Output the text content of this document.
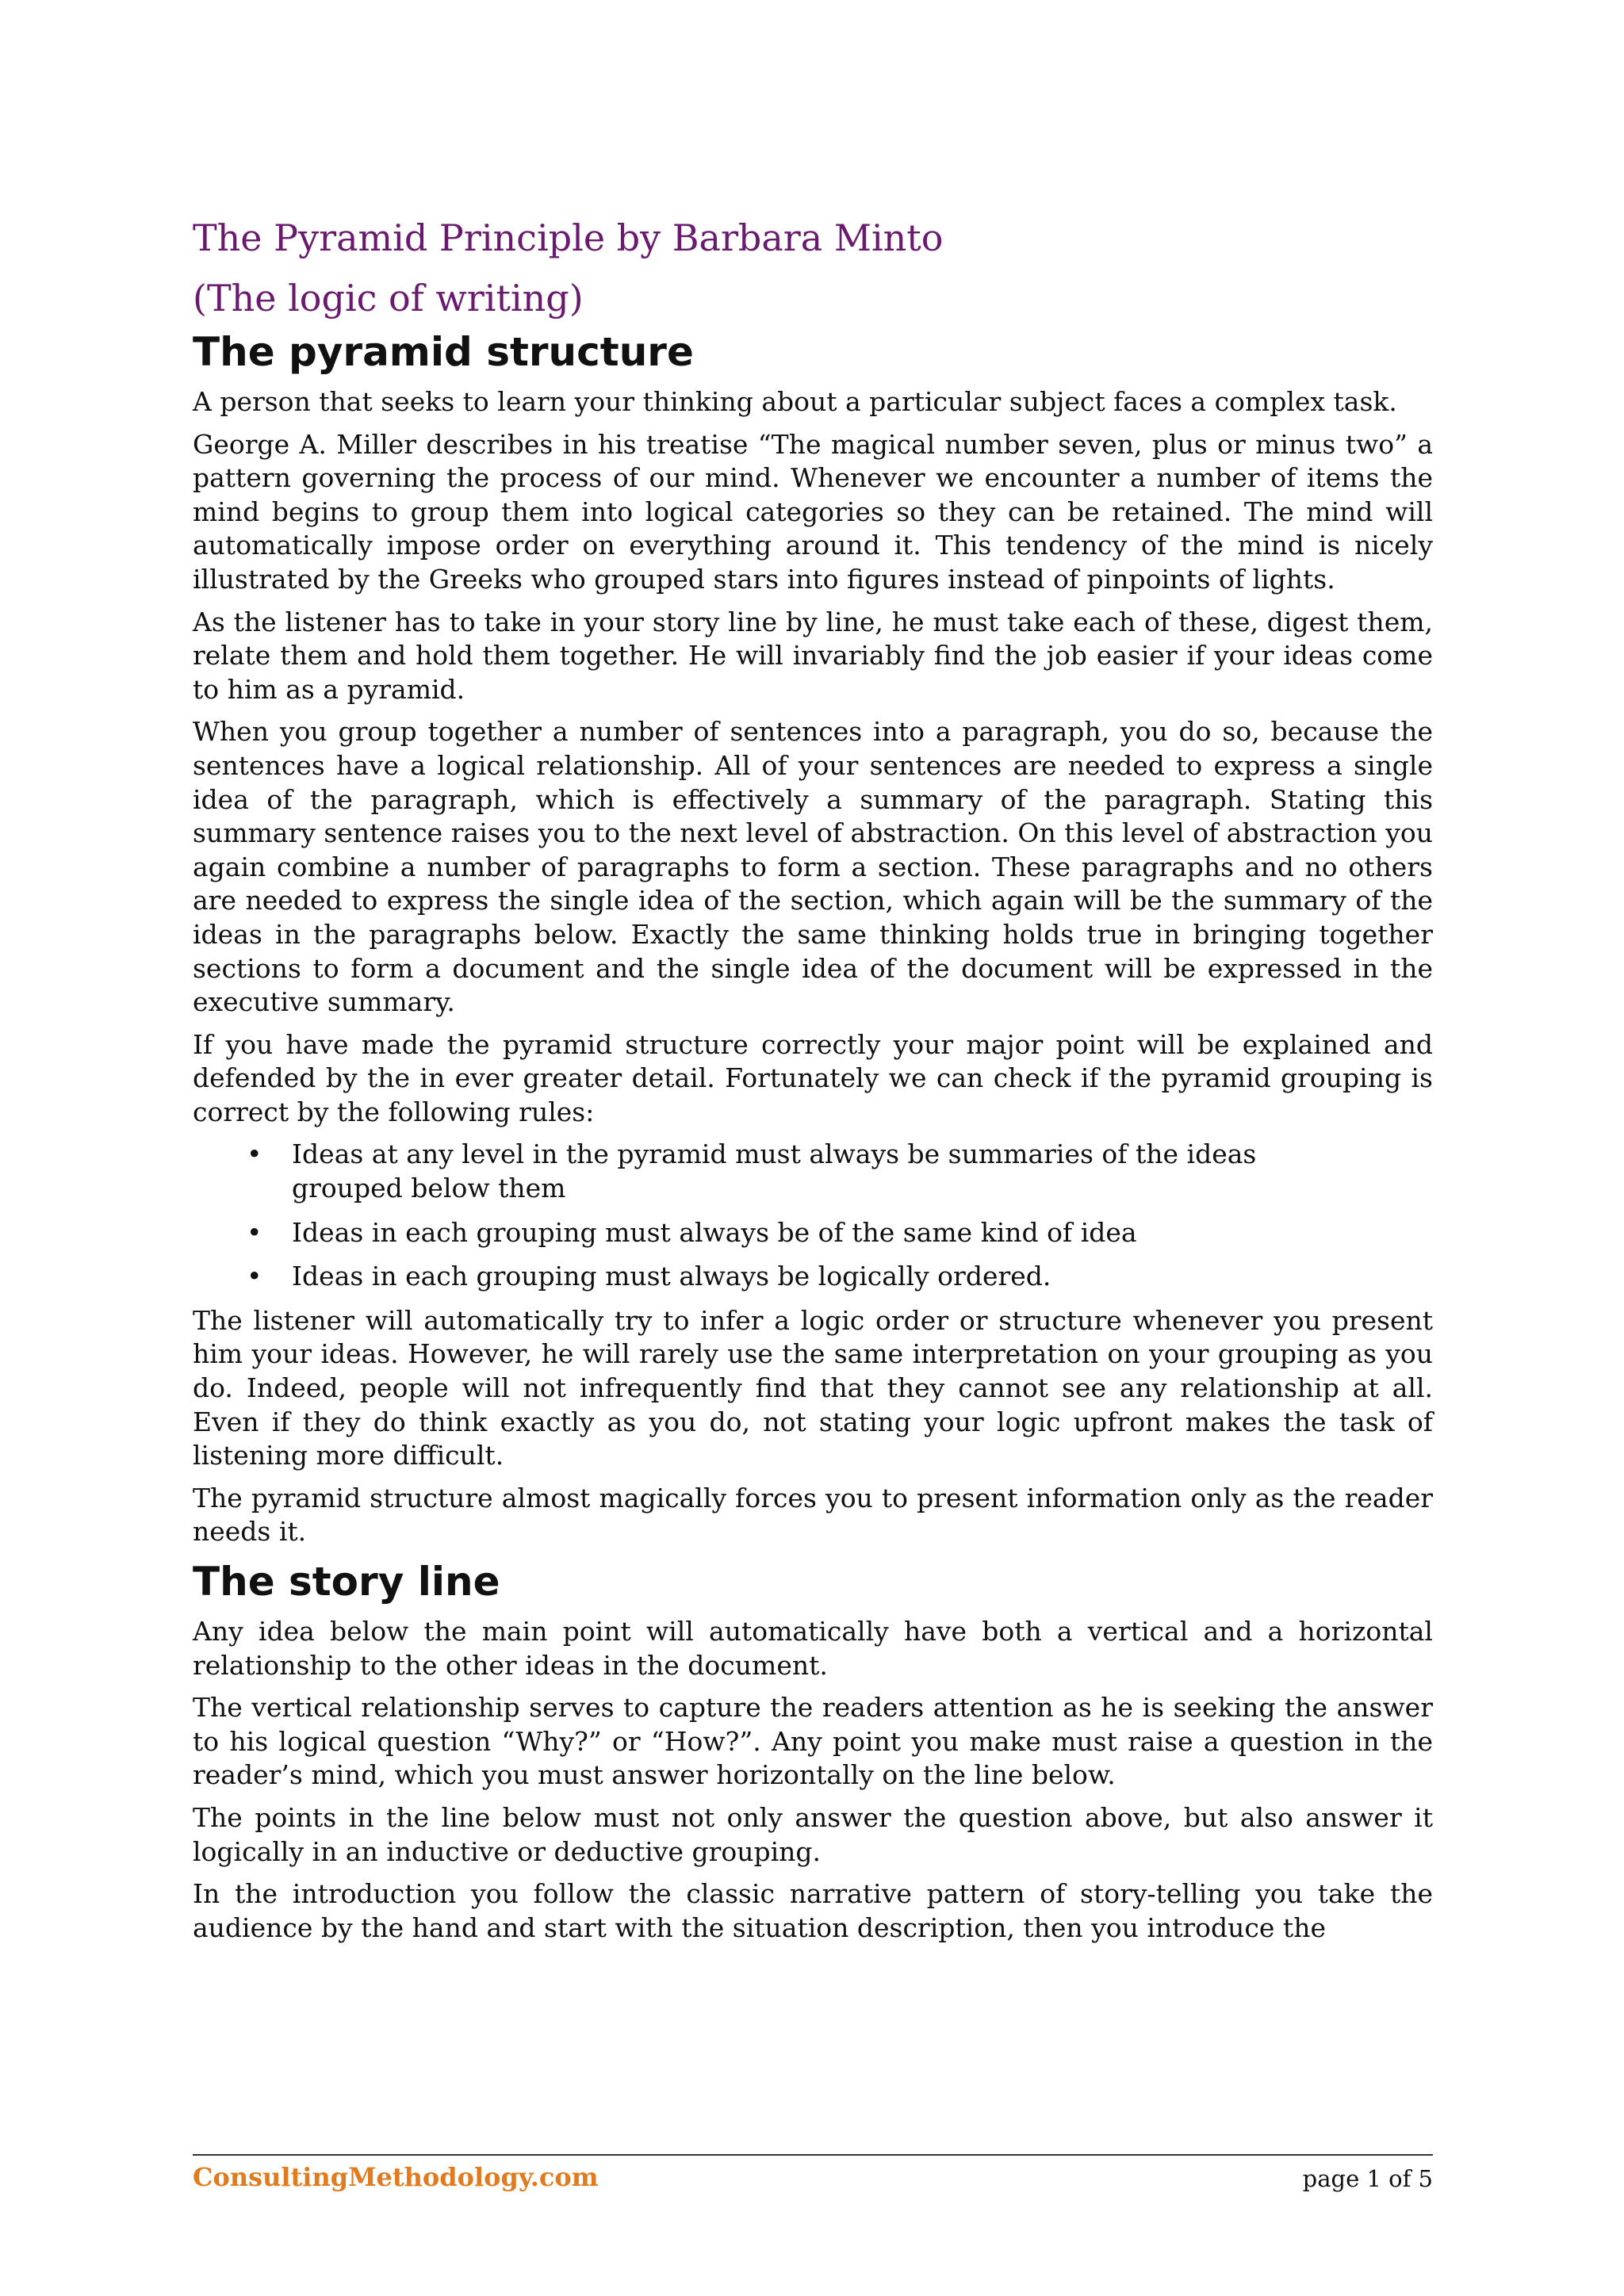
The Pyramid Principle by Barbara Minto

(The logic of writing)

The pyramid structure

A person that seeks to learn your thinking about a particular subject faces a complex task.

George A. Miller describes in his treatise “The magical number seven, plus or minus two” a pattern governing the process of our mind. Whenever we encounter a number of items the mind begins to group them into logical categories so they can be retained. The mind will automatically impose order on everything around it. This tendency of the mind is nicely illustrated by the Greeks who grouped stars into figures instead of pinpoints of lights.

As the listener has to take in your story line by line, he must take each of these, digest them, relate them and hold them together. He will invariably find the job easier if your ideas come to him as a pyramid.

When you group together a number of sentences into a paragraph, you do so, because the sentences have a logical relationship. All of your sentences are needed to express a single idea of the paragraph, which is effectively a summary of the paragraph. Stating this summary sentence raises you to the next level of abstraction. On this level of abstraction you again combine a number of paragraphs to form a section. These paragraphs and no others are needed to express the single idea of the section, which again will be the summary of the ideas in the paragraphs below. Exactly the same thinking holds true in bringing together sections to form a document and the single idea of the document will be expressed in the executive summary.

If you have made the pyramid structure correctly your major point will be explained and defended by the in ever greater detail. Fortunately we can check if the pyramid grouping is correct by the following rules:

• Ideas at any level in the pyramid must always be summaries of the ideas grouped below them
• Ideas in each grouping must always be of the same kind of idea
• Ideas in each grouping must always be logically ordered.

The listener will automatically try to infer a logic order or structure whenever you present him your ideas. However, he will rarely use the same interpretation on your grouping as you do. Indeed, people will not infrequently find that they cannot see any relationship at all. Even if they do think exactly as you do, not stating your logic upfront makes the task of listening more difficult.

The pyramid structure almost magically forces you to present information only as the reader needs it.

The story line

Any idea below the main point will automatically have both a vertical and a horizontal relationship to the other ideas in the document.

The vertical relationship serves to capture the readers attention as he is seeking the answer to his logical question “Why?” or “How?”. Any point you make must raise a question in the reader’s mind, which you must answer horizontally on the line below.

The points in the line below must not only answer the question above, but also answer it logically in an inductive or deductive grouping.

In the introduction you follow the classic narrative pattern of story-telling you take the audience by the hand and start with the situation description, then you introduce the

ConsultingMethodology.com	page 1 of 5
